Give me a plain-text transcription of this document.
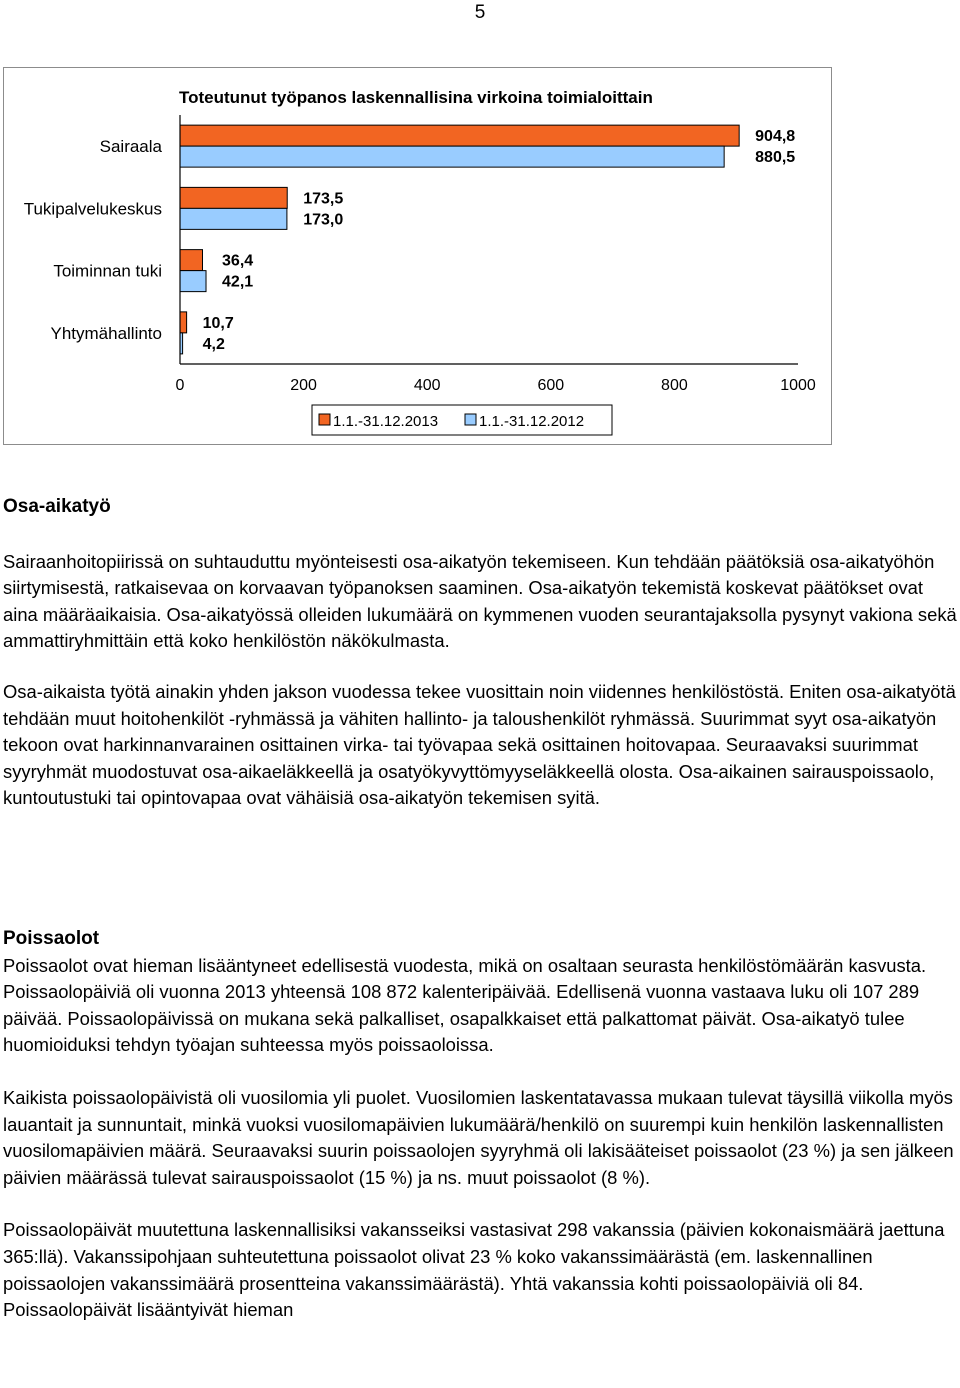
5
Toteutunut työpanos laskennallisina virkoina toimialoittain
Sairaala
Tukipalvelukeskus
Toiminnan tuki
Yhtymähallinto
904,8
880,5
173,5
173,0
36,4
42,1
10,7
4,2
0	200	400	600	800	1000
1.1.-31.12.2013	1.1.-31.12.2012
Osa-aikatyö

Sairaanhoitopiirissä on suhtauduttu myönteisesti osa-aikatyön tekemiseen. Kun tehdään päätöksiä osa-aikatyöhön siirtymisestä, ratkaisevaa on korvaavan työpanoksen saaminen. Osa-aikatyön tekemistä koskevat päätökset ovat aina määräaikaisia. Osa-aikatyössä olleiden lukumäärä on kymmenen vuoden seurantajaksolla pysynyt vakiona sekä ammattiryhmittäin että koko henkilöstön näkökulmasta.

Osa-aikaista työtä ainakin yhden jakson vuodessa tekee vuosittain noin viidennes henkilöstöstä. Eniten osa-aikatyötä tehdään muut hoitohenkilöt -ryhmässä ja vähiten hallinto- ja taloushenkilöt ryhmässä. Suurimmat syyt osa-aikatyön tekoon ovat harkinnanvarainen osittainen virka- tai työvapaa sekä osittainen hoitovapaa. Seuraavaksi suurimmat syyryhmät muodostuvat osa-aikaeläkkeellä ja osatyökyvyttömyyseläkkeellä olosta. Osa-aikainen sairauspoissaolo, kuntoutustuki tai opintovapaa ovat vähäisiä osa-aikatyön tekemisen syitä.

Poissaolot

Poissaolot ovat hieman lisääntyneet edellisestä vuodesta, mikä on osaltaan seurasta henkilöstömäärän kasvusta. Poissaolopäiviä oli vuonna 2013 yhteensä 108 872 kalenteripäivää. Edellisenä vuonna vastaava luku oli 107 289 päivää. Poissaolopäivissä on mukana sekä palkalliset, osapalkkaiset että palkattomat päivät. Osa-aikatyö tulee huomioiduksi tehdyn työajan suhteessa myös poissaoloissa.

Kaikista poissaolopäivistä oli vuosilomia yli puolet. Vuosilomien laskentatavassa mukaan tulevat täysillä viikolla myös lauantait ja sunnuntait, minkä vuoksi vuosilomapäivien lukumäärä/henkilö on suurempi kuin henkilön laskennallisten vuosilomapäivien määrä. Seuraavaksi suurin poissaolojen syyryhmä oli lakisääteiset poissaolot (23 %) ja sen jälkeen päivien määrässä tulevat sairauspoissaolot (15 %) ja ns. muut poissaolot (8 %).

Poissaolopäivät muutettuna laskennallisiksi vakansseiksi vastasivat 298 vakanssia (päivien kokonaismäärä jaettuna 365:llä). Vakanssipohjaan suhteutettuna poissaolot olivat 23 % koko vakanssimäärästä (em. laskennallinen poissaolojen vakanssimäärä prosentteina vakanssimäärästä). Yhtä vakanssia kohti poissaolopäiviä oli 84. Poissaolopäivät lisääntyivät hieman
